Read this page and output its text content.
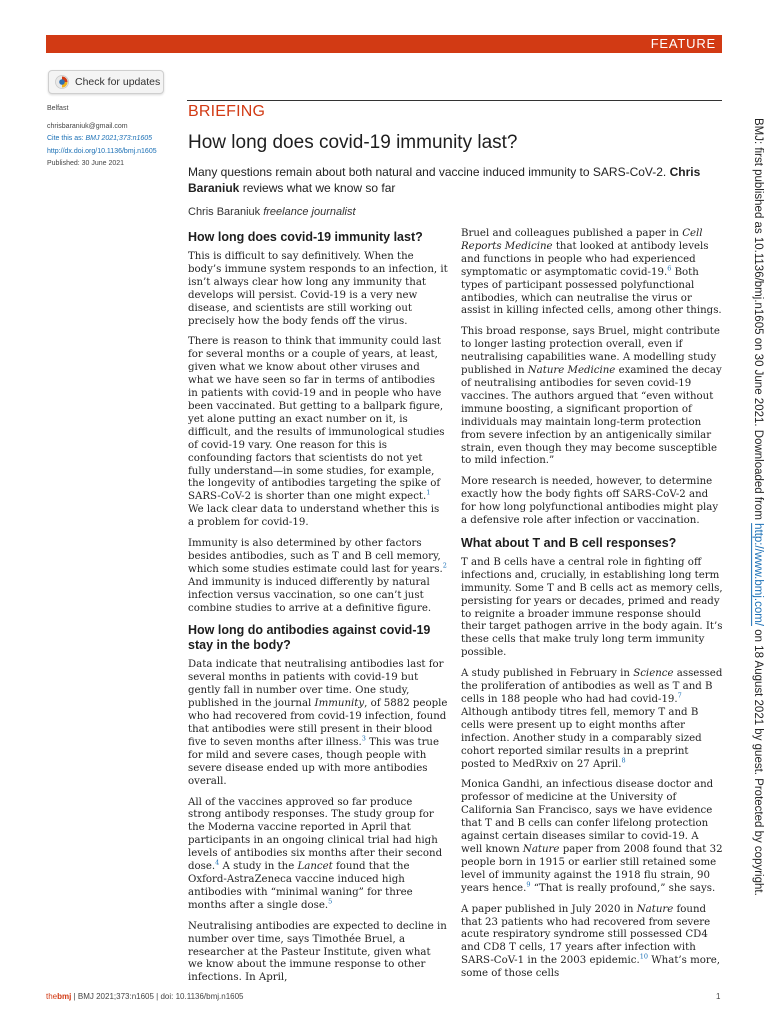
FEATURE
Check for updates
Belfast
chrisbaraniuk@gmail.com
Cite this as: BMJ 2021;373:n1605
http://dx.doi.org/10.1136/bmj.n1605
Published: 30 June 2021
BRIEFING
How long does covid-19 immunity last?
Many questions remain about both natural and vaccine induced immunity to SARS-CoV-2. Chris Baraniuk reviews what we know so far
Chris Baraniuk freelance journalist
How long does covid-19 immunity last?

This is difficult to say definitively. When the body’s immune system responds to an infection, it isn’t always clear how long any immunity that develops will persist. Covid-19 is a very new disease, and scientists are still working out precisely how the body fends off the virus.

There is reason to think that immunity could last for several months or a couple of years, at least, given what we know about other viruses and what we have seen so far in terms of antibodies in patients with covid-19 and in people who have been vaccinated. But getting to a ballpark figure, yet alone putting an exact number on it, is difficult, and the results of immunological studies of covid-19 vary. One reason for this is confounding factors that scientists do not yet fully understand—in some studies, for example, the longevity of antibodies targeting the spike of SARS-CoV-2 is shorter than one might expect.$^1$ We lack clear data to understand whether this is a problem for covid-19.

Immunity is also determined by other factors besides antibodies, such as T and B cell memory, which some studies estimate could last for years.$^2$ And immunity is induced differently by natural infection versus vaccination, so one can’t just combine studies to arrive at a definitive figure.

How long do antibodies against covid-19 stay in the body?

Data indicate that neutralising antibodies last for several months in patients with covid-19 but gently fall in number over time. One study, published in the journal Immunity, of 5882 people who had recovered from covid-19 infection, found that antibodies were still present in their blood five to seven months after illness.$^3$ This was true for mild and severe cases, though people with severe disease ended up with more antibodies overall.

All of the vaccines approved so far produce strong antibody responses. The study group for the Moderna vaccine reported in April that participants in an ongoing clinical trial had high levels of antibodies six months after their second dose.$^4$ A study in the Lancet found that the Oxford-AstraZeneca vaccine induced high antibodies with “minimal waning” for three months after a single dose.$^5$

Neutralising antibodies are expected to decline in number over time, says Timothée Bruel, a researcher at the Pasteur Institute, given what we know about the immune response to other infections. In April,

Bruel and colleagues published a paper in Cell Reports Medicine that looked at antibody levels and functions in people who had experienced symptomatic or asymptomatic covid-19.$^6$ Both types of participant possessed polyfunctional antibodies, which can neutralise the virus or assist in killing infected cells, among other things.

This broad response, says Bruel, might contribute to longer lasting protection overall, even if neutralising capabilities wane. A modelling study published in Nature Medicine examined the decay of neutralising antibodies for seven covid-19 vaccines. The authors argued that “even without immune boosting, a significant proportion of individuals may maintain long-term protection from severe infection by an antigenically similar strain, even though they may become susceptible to mild infection.”

More research is needed, however, to determine exactly how the body fights off SARS-CoV-2 and for how long polyfunctional antibodies might play a defensive role after infection or vaccination.

What about T and B cell responses?

T and B cells have a central role in fighting off infections and, crucially, in establishing long term immunity. Some T and B cells act as memory cells, persisting for years or decades, primed and ready to reignite a broader immune response should their target pathogen arrive in the body again. It’s these cells that make truly long term immunity possible.

A study published in February in Science assessed the proliferation of antibodies as well as T and B cells in 188 people who had had covid-19.$^7$ Although antibody titres fell, memory T and B cells were present up to eight months after infection. Another study in a comparably sized cohort reported similar results in a preprint posted to MedRxiv on 27 April.$^8$

Monica Gandhi, an infectious disease doctor and professor of medicine at the University of California San Francisco, says we have evidence that T and B cells can confer lifelong protection against certain diseases similar to covid-19. A well known Nature paper from 2008 found that 32 people born in 1915 or earlier still retained some level of immunity against the 1918 flu strain, 90 years hence.$^9$ “That is really profound,” she says.

A paper published in July 2020 in Nature found that 23 patients who had recovered from severe acute respiratory syndrome still possessed CD4 and CD8 T cells, 17 years after infection with SARS-CoV-1 in the 2003 epidemic.$^{10}$ What’s more, some of those cells

BMJ: first published as 10.1136/bmj.n1605 on 30 June 2021. Downloaded from http://www.bmj.com/ on 18 August 2021 by guest. Protected by copyright.
thebmj | BMJ 2021;373:n1605 | doi: 10.1136/bmj.n1605	1
